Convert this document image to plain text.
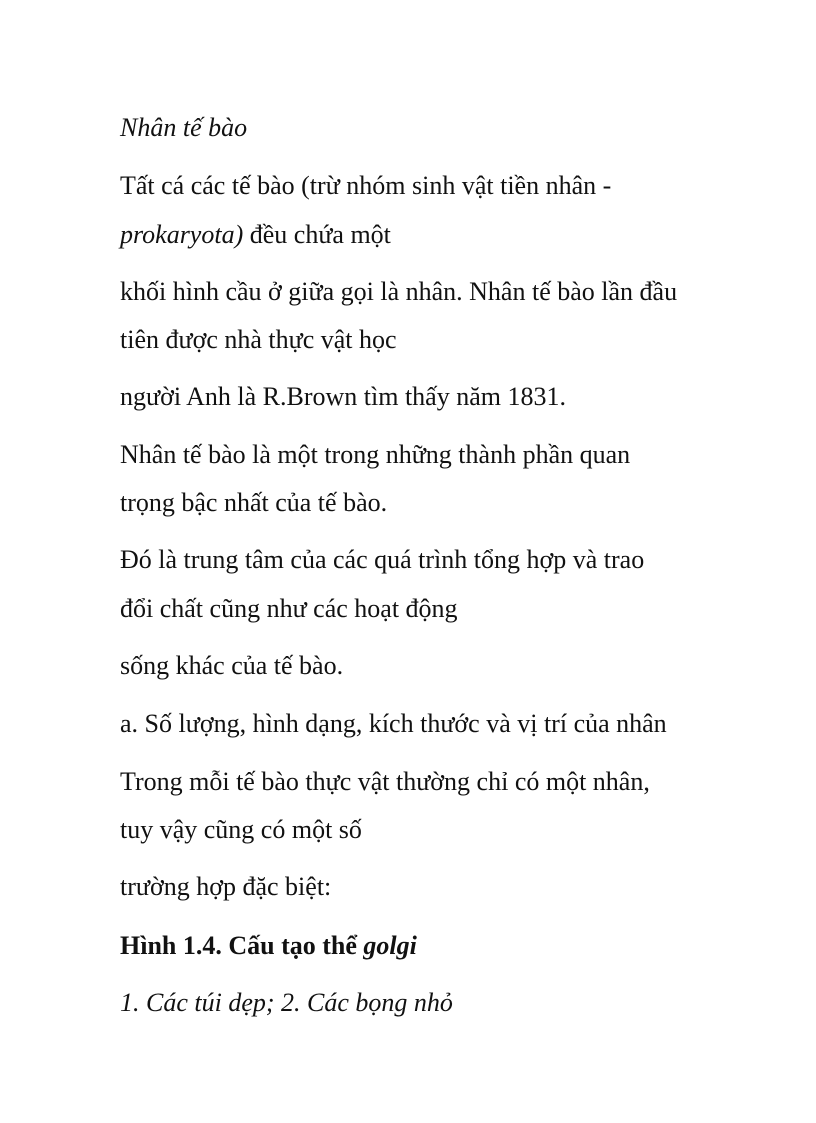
Nhân tế bào
Tất cá các tế bào (trừ nhóm sinh vật tiền nhân -
prokaryota) đều chứa một
khối hình cầu ở giữa gọi là nhân. Nhân tế bào lần đầu
tiên được nhà thực vật học
người Anh là R.Brown tìm thấy năm 1831.
Nhân tế bào là một trong những thành phần quan
trọng bậc nhất của tế bào.
Đó là trung tâm của các quá trình tổng hợp và trao
đổi chất cũng như các hoạt động
sống khác của tế bào.
a. Số lượng, hình dạng, kích thước và vị trí của nhân
Trong mỗi tế bào thực vật thường chỉ có một nhân,
tuy vậy cũng có một số
trường hợp đặc biệt:
Hình 1.4. Cấu tạo thể golgi
1. Các túi dẹp; 2. Các bọng nhỏ
